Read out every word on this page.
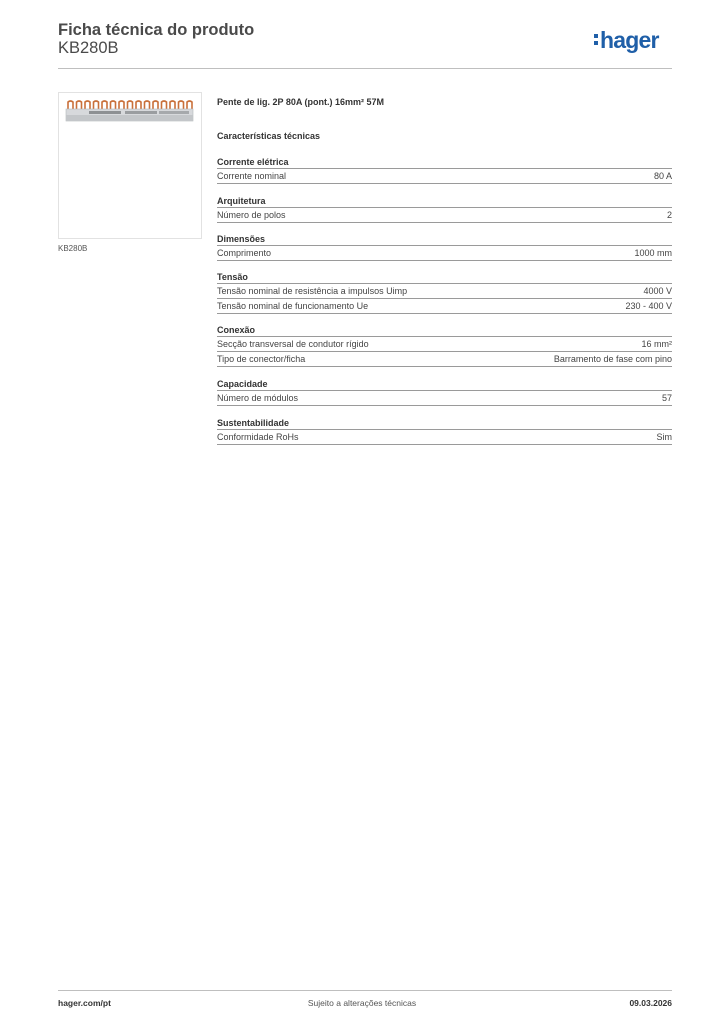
Ficha técnica do produto
KB280B	hager
KB280B
Pente de lig. 2P 80A (pont.) 16mm² 57M
Características técnicas
Corrente elétrica
Corrente nominal	80 A
Arquitetura
Número de polos	2
Dimensões
Comprimento	1000 mm
Tensão
Tensão nominal de resistência a impulsos Uimp	4000 V
Tensão nominal de funcionamento Ue	230 - 400 V
Conexão
Secção transversal de condutor rígido	16 mm²
Tipo de conector/ficha	Barramento de fase com pino
Capacidade
Número de módulos	57
Sustentabilidade
Conformidade RoHs	Sim
hager.com/pt	Sujeito a alterações técnicas	09.03.2026
